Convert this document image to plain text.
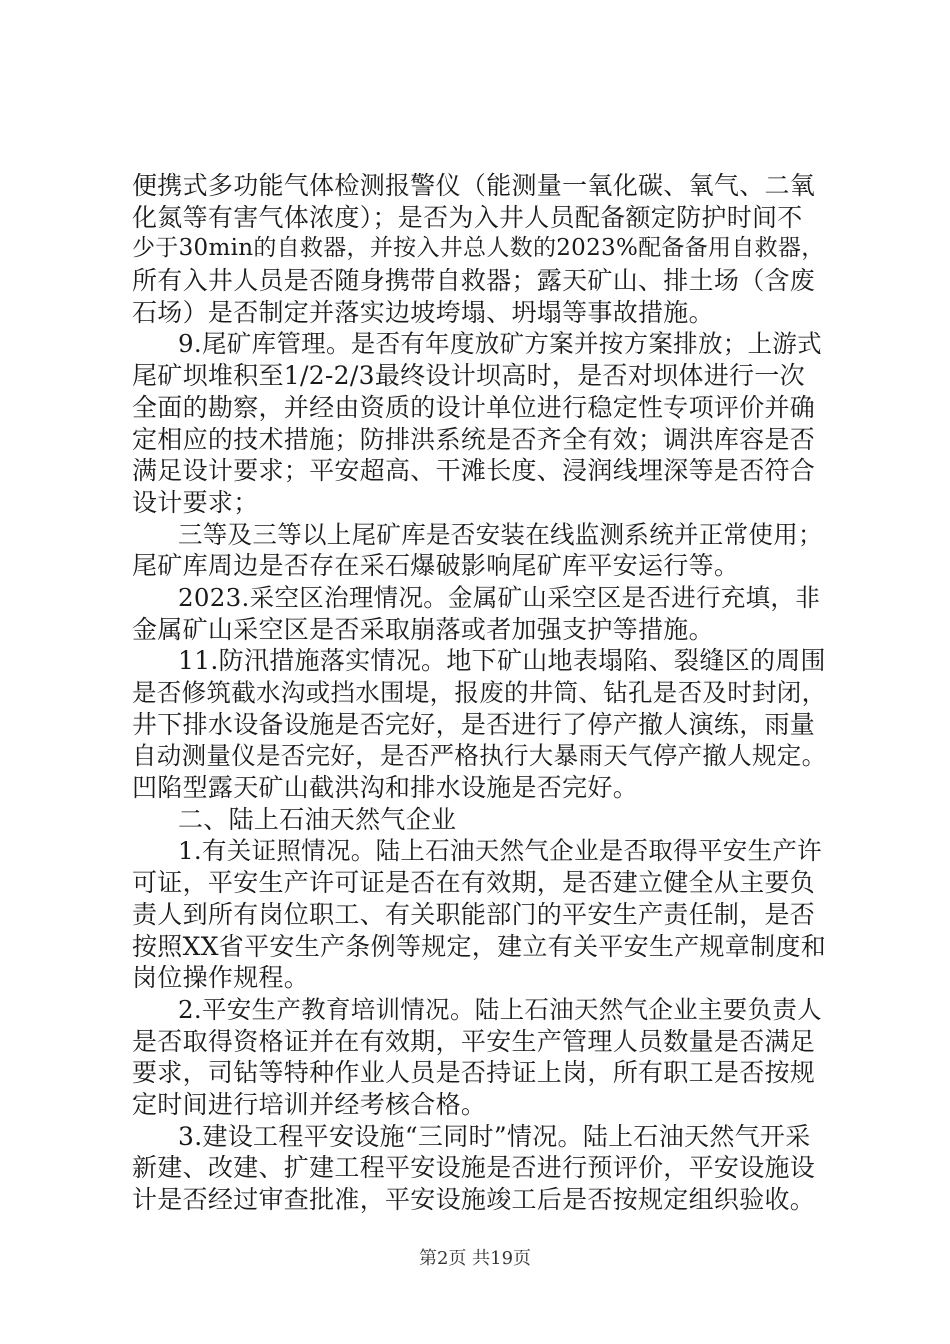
便携式多功能气体检测报警仪（能测量一氧化碳、氧气、二氧
化氮等有害气体浓度）；是否为入井人员配备额定防护时间不
少于30min的自救器，并按入井总人数的2023%配备备用自救器，
所有入井人员是否随身携带自救器；露天矿山、排土场（含废
石场）是否制定并落实边坡垮塌、坍塌等事故措施。
9.尾矿库管理。是否有年度放矿方案并按方案排放；上游式
尾矿坝堆积至1/2-2/3最终设计坝高时，是否对坝体进行一次
全面的勘察，并经由资质的设计单位进行稳定性专项评价并确
定相应的技术措施；防排洪系统是否齐全有效；调洪库容是否
满足设计要求；平安超高、干滩长度、浸润线埋深等是否符合
设计要求；
三等及三等以上尾矿库是否安装在线监测系统并正常使用；
尾矿库周边是否存在采石爆破影响尾矿库平安运行等。
2023.采空区治理情况。金属矿山采空区是否进行充填，非
金属矿山采空区是否采取崩落或者加强支护等措施。
11.防汛措施落实情况。地下矿山地表塌陷、裂缝区的周围
是否修筑截水沟或挡水围堤，报废的井筒、钻孔是否及时封闭，
井下排水设备设施是否完好，是否进行了停产撤人演练，雨量
自动测量仪是否完好，是否严格执行大暴雨天气停产撤人规定。
凹陷型露天矿山截洪沟和排水设施是否完好。
二、陆上石油天然气企业
1.有关证照情况。陆上石油天然气企业是否取得平安生产许
可证，平安生产许可证是否在有效期，是否建立健全从主要负
责人到所有岗位职工、有关职能部门的平安生产责任制，是否
按照XX省平安生产条例等规定，建立有关平安生产规章制度和
岗位操作规程。
2.平安生产教育培训情况。陆上石油天然气企业主要负责人
是否取得资格证并在有效期，平安生产管理人员数量是否满足
要求，司钻等特种作业人员是否持证上岗，所有职工是否按规
定时间进行培训并经考核合格。
3.建设工程平安设施“三同时”情况。陆上石油天然气开采
新建、改建、扩建工程平安设施是否进行预评价，平安设施设
计是否经过审查批准，平安设施竣工后是否按规定组织验收。
第2页 共19页
